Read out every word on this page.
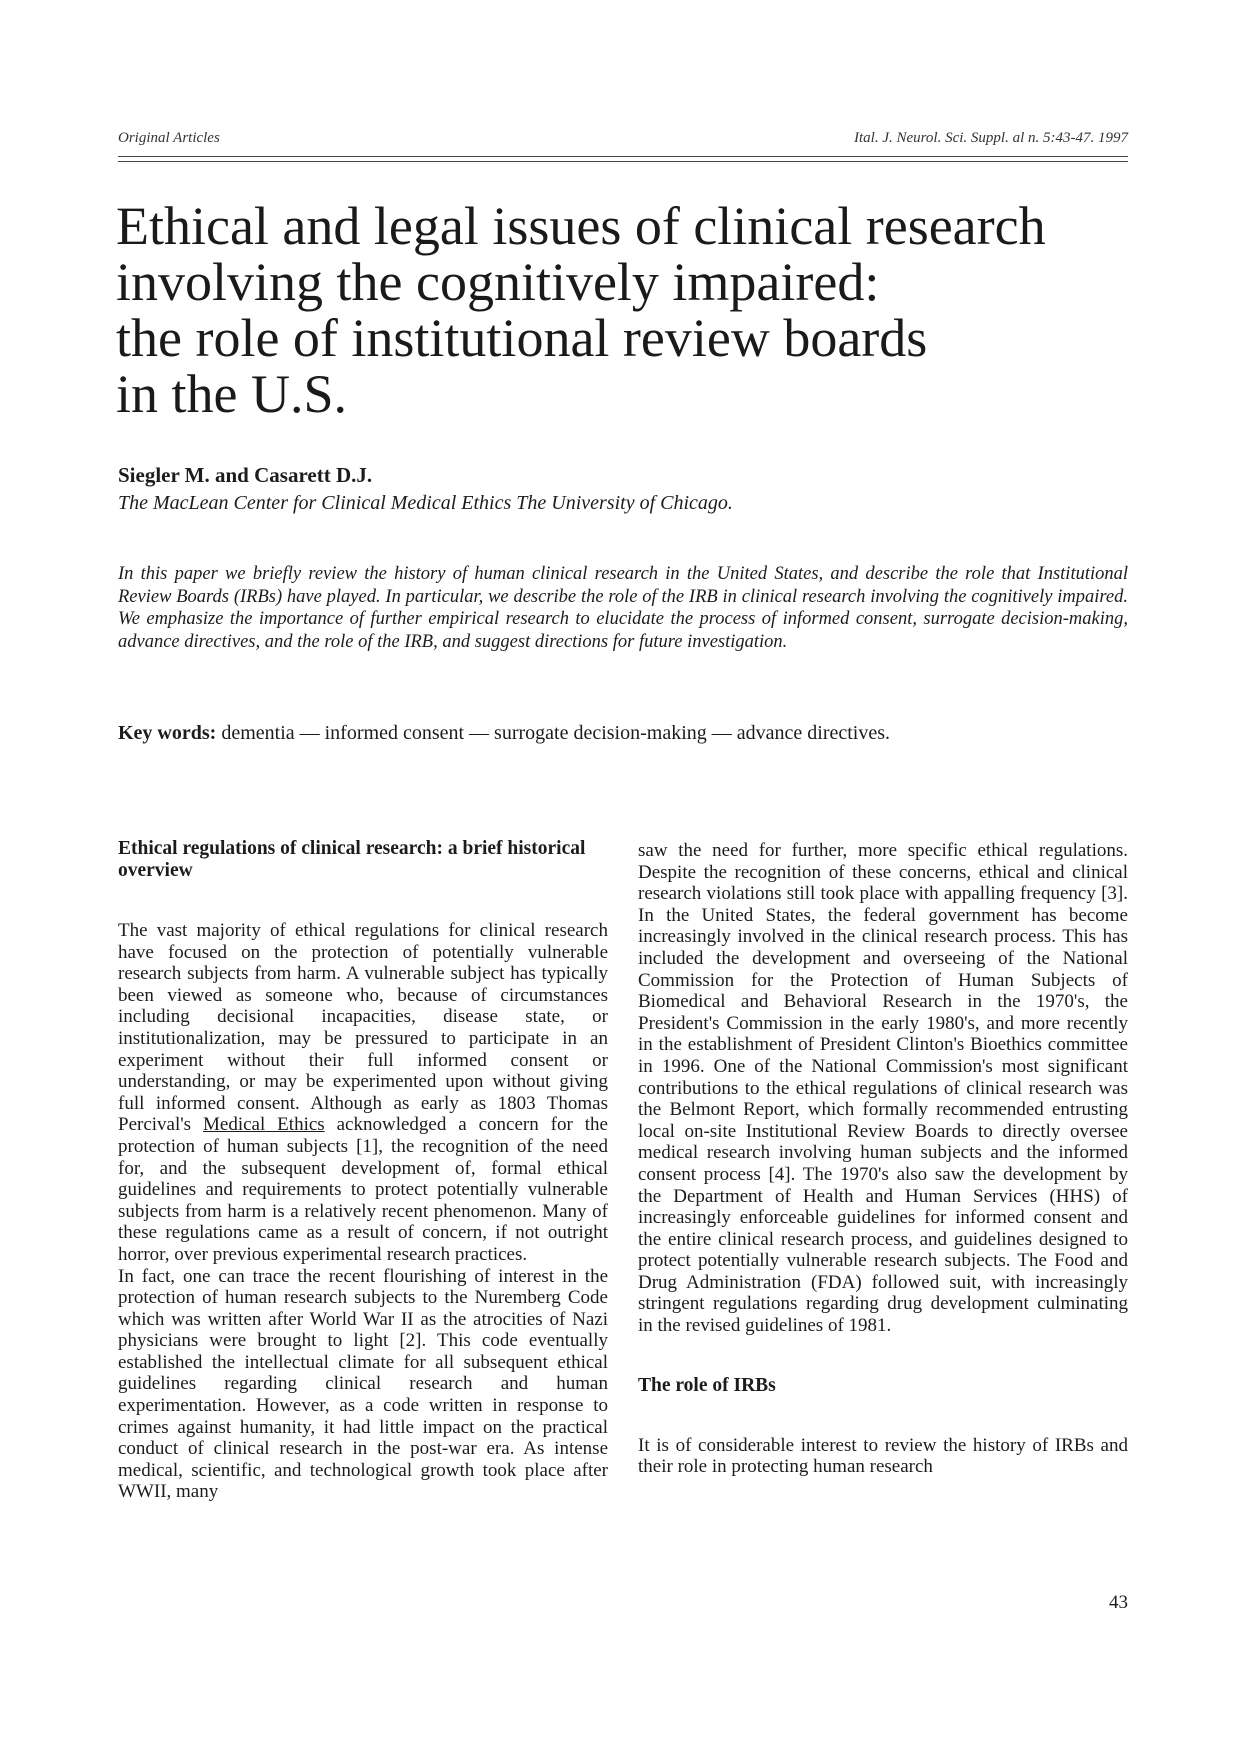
Original Articles	Ital. J. Neurol. Sci. Suppl. al n. 5:43-47. 1997
Ethical and legal issues of clinical research
involving the cognitively impaired:
the role of institutional review boards
in the U.S.
Siegler M. and Casarett D.J.
The MacLean Center for Clinical Medical Ethics The University of Chicago.

In this paper we briefly review the history of human clinical research in the United States, and describe the role that Institutional Review Boards (IRBs) have played. In particular, we describe the role of the IRB in clinical research involving the cognitively impaired. We emphasize the importance of further empirical research to elucidate the process of informed consent, surrogate decision-making, advance directives, and the role of the IRB, and suggest directions for future investigation.

Key words: dementia — informed consent — surrogate decision-making — advance directives.
Ethical regulations of clinical research: a brief historical overview

The vast majority of ethical regulations for clinical research have focused on the protection of potentially vulnerable research subjects from harm. A vulnerable subject has typically been viewed as someone who, because of circumstances including decisional incapacities, disease state, or institutionalization, may be pressured to participate in an experiment without their full informed consent or understanding, or may be experimented upon without giving full informed consent. Although as early as 1803 Thomas Percival's Medical Ethics acknowledged a concern for the protection of human subjects [1], the recognition of the need for, and the subsequent development of, formal ethical guidelines and requirements to protect potentially vulnerable subjects from harm is a relatively recent phenomenon. Many of these regulations came as a result of concern, if not outright horror, over previous experimental research practices.

In fact, one can trace the recent flourishing of interest in the protection of human research subjects to the Nuremberg Code which was written after World War II as the atrocities of Nazi physicians were brought to light [2]. This code eventually established the intellectual climate for all subsequent ethical guidelines regarding clinical research and human experimentation. However, as a code written in response to crimes against humanity, it had little impact on the practical conduct of clinical research in the post-war era. As intense medical, scientific, and technological growth took place after WWII, many

saw the need for further, more specific ethical regulations. Despite the recognition of these concerns, ethical and clinical research violations still took place with appalling frequency [3]. In the United States, the federal government has become increasingly involved in the clinical research process. This has included the development and overseeing of the National Commission for the Protection of Human Subjects of Biomedical and Behavioral Research in the 1970's, the President's Commission in the early 1980's, and more recently in the establishment of President Clinton's Bioethics committee in 1996. One of the National Commission's most significant contributions to the ethical regulations of clinical research was the Belmont Report, which formally recommended entrusting local on-site Institutional Review Boards to directly oversee medical research involving human subjects and the informed consent process [4]. The 1970's also saw the development by the Department of Health and Human Services (HHS) of increasingly enforceable guidelines for informed consent and the entire clinical research process, and guidelines designed to protect potentially vulnerable research subjects. The Food and Drug Administration (FDA) followed suit, with increasingly stringent regulations regarding drug development culminating in the revised guidelines of 1981.

The role of IRBs

It is of considerable interest to review the history of IRBs and their role in protecting human research

43
